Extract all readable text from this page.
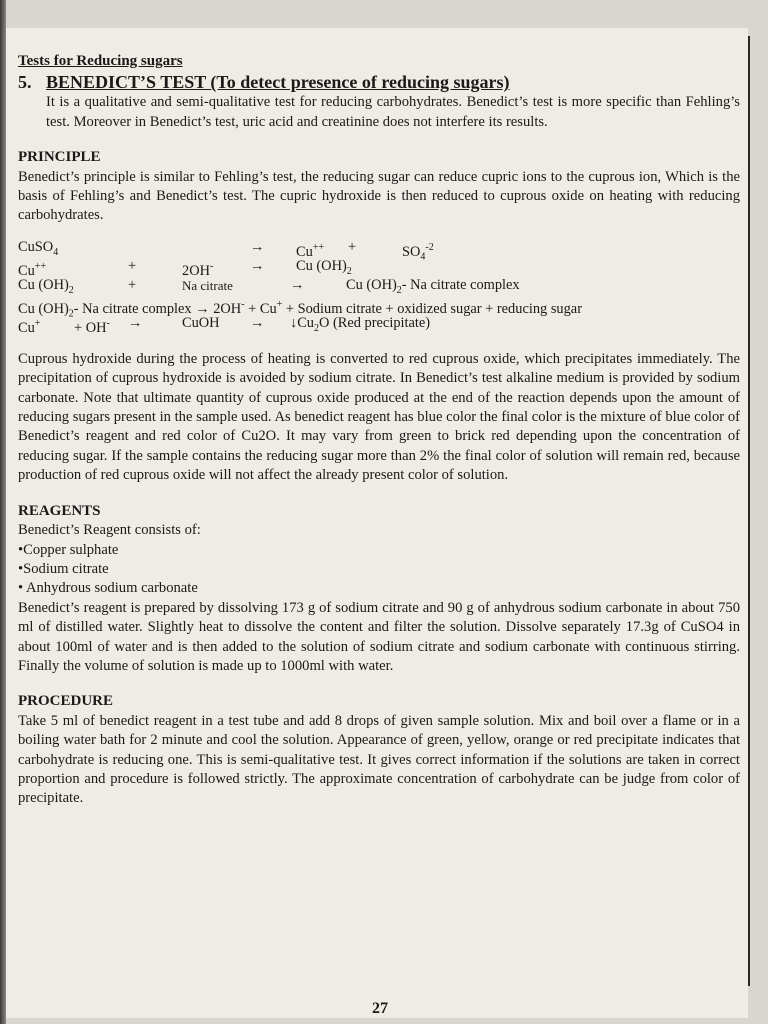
Tests for Reducing sugars

5. BENEDICT’S TEST (To detect presence of reducing sugars)

It is a qualitative and semi-qualitative test for reducing carbohydrates. Benedict’s test is more specific than Fehling’s test. Moreover in Benedict’s test, uric acid and creatinine does not interfere its results.

PRINCIPLE

Benedict’s principle is similar to Fehling’s test, the reducing sugar can reduce cupric ions to the cuprous ion, Which is the basis of Fehling’s and Benedict’s test. The cupric hydroxide is then reduced to cuprous oxide on heating with reducing carbohydrates.

CuSO$_4$	→ Cu++ +	$SO_4^{-2}$
Cu++	+	2OH-	→ Cu $(OH)_2$
Cu $(OH)_2$	+	Na citrate	→	Cu $(OH)_2-$ Na citrate complex
Cu $(OH)_2-$ Na citrate complex → 2OH- + Cu+ + Sodium citrate + oxidized sugar + reducing sugar
Cu+ + OH- →	CuOH → $↓Cu_2O$ (Red precipitate)

Cuprous hydroxide during the process of heating is converted to red cuprous oxide, which precipitates immediately. The precipitation of cuprous hydroxide is avoided by sodium citrate. In Benedict’s test alkaline medium is provided by sodium carbonate. Note that ultimate quantity of cuprous oxide produced at the end of the reaction depends upon the amount of reducing sugars present in the sample used. As benedict reagent has blue color the final color is the mixture of blue color of Benedict’s reagent and red color of Cu2O. It may vary from green to brick red depending upon the concentration of reducing sugar. If the sample contains the reducing sugar more than 2% the final color of solution will remain red, because production of red cuprous oxide will not affect the already present color of solution.

REAGENTS

Benedict’s Reagent consists of:

•Copper sulphate
•Sodium citrate
• Anhydrous sodium carbonate

Benedict’s reagent is prepared by dissolving 173 g of sodium citrate and 90 g of anhydrous sodium carbonate in about 750 ml of distilled water. Slightly heat to dissolve the content and filter the solution. Dissolve separately 17.3g of CuSO4 in about 100ml of water and is then added to the solution of sodium citrate and sodium carbonate with continuous stirring. Finally the volume of solution is made up to 1000ml with water.

PROCEDURE

Take 5 ml of benedict reagent in a test tube and add 8 drops of given sample solution. Mix and boil over a flame or in a boiling water bath for 2 minute and cool the solution. Appearance of green, yellow, orange or red precipitate indicates that carbohydrate is reducing one. This is semi-qualitative test. It gives correct information if the solutions are taken in correct proportion and procedure is followed strictly. The approximate concentration of carbohydrate can be judge from color of precipitate.

27
